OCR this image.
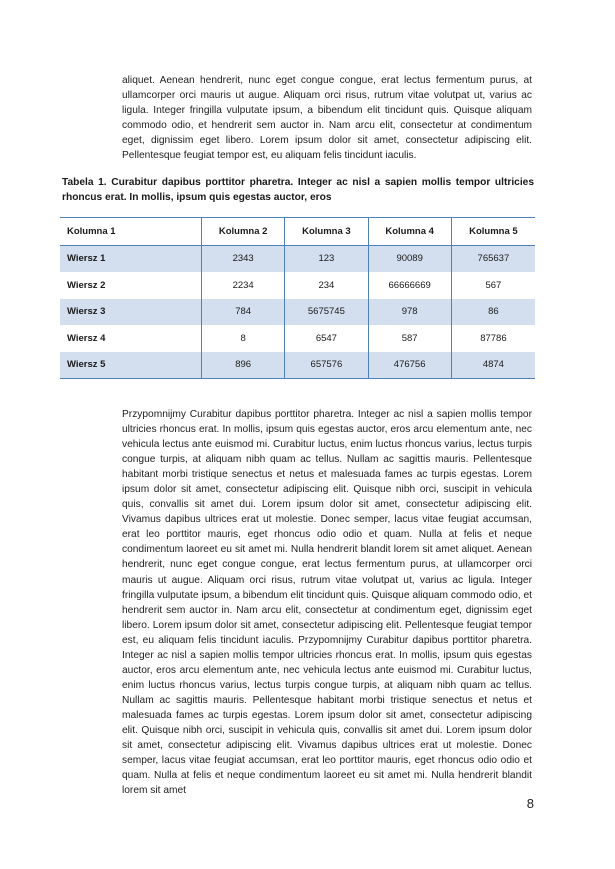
aliquet. Aenean hendrerit, nunc eget congue congue, erat lectus fermentum purus, at ullamcorper orci mauris ut augue. Aliquam orci risus, rutrum vitae volutpat ut, varius ac ligula. Integer fringilla vulputate ipsum, a bibendum elit tincidunt quis. Quisque aliquam commodo odio, et hendrerit sem auctor in. Nam arcu elit, consectetur at condimentum eget, dignissim eget libero. Lorem ipsum dolor sit amet, consectetur adipiscing elit. Pellentesque feugiat tempor est, eu aliquam felis tincidunt iaculis.

Tabela 1. Curabitur dapibus porttitor pharetra. Integer ac nisl a sapien mollis tempor ultricies rhoncus erat. In mollis, ipsum quis egestas auctor, eros

Kolumna 1	Kolumna 2	Kolumna 3	Kolumna 4	Kolumna 5
Wiersz 1	2343	123	90089	765637
Wiersz 2	2234	234	66666669	567
Wiersz 3	784	5675745	978	86
Wiersz 4	8	6547	587	87786
Wiersz 5	896	657576	476756	4874

Przypomnijmy Curabitur dapibus porttitor pharetra. Integer ac nisl a sapien mollis tempor ultricies rhoncus erat. In mollis, ipsum quis egestas auctor, eros arcu elementum ante, nec vehicula lectus ante euismod mi. Curabitur luctus, enim luctus rhoncus varius, lectus turpis congue turpis, at aliquam nibh quam ac tellus. Nullam ac sagittis mauris. Pellentesque habitant morbi tristique senectus et netus et malesuada fames ac turpis egestas. Lorem ipsum dolor sit amet, consectetur adipiscing elit. Quisque nibh orci, suscipit in vehicula quis, convallis sit amet dui. Lorem ipsum dolor sit amet, consectetur adipiscing elit. Vivamus dapibus ultrices erat ut molestie. Donec semper, lacus vitae feugiat accumsan, erat leo porttitor mauris, eget rhoncus odio odio et quam. Nulla at felis et neque condimentum laoreet eu sit amet mi. Nulla hendrerit blandit lorem sit amet aliquet. Aenean hendrerit, nunc eget congue congue, erat lectus fermentum purus, at ullamcorper orci mauris ut augue. Aliquam orci risus, rutrum vitae volutpat ut, varius ac ligula. Integer fringilla vulputate ipsum, a bibendum elit tincidunt quis. Quisque aliquam commodo odio, et hendrerit sem auctor in. Nam arcu elit, consectetur at condimentum eget, dignissim eget libero. Lorem ipsum dolor sit amet, consectetur adipiscing elit. Pellentesque feugiat tempor est, eu aliquam felis tincidunt iaculis. Przypomnijmy Curabitur dapibus porttitor pharetra. Integer ac nisl a sapien mollis tempor ultricies rhoncus erat. In mollis, ipsum quis egestas auctor, eros arcu elementum ante, nec vehicula lectus ante euismod mi. Curabitur luctus, enim luctus rhoncus varius, lectus turpis congue turpis, at aliquam nibh quam ac tellus. Nullam ac sagittis mauris. Pellentesque habitant morbi tristique senectus et netus et malesuada fames ac turpis egestas. Lorem ipsum dolor sit amet, consectetur adipiscing elit. Quisque nibh orci, suscipit in vehicula quis, convallis sit amet dui. Lorem ipsum dolor sit amet, consectetur adipiscing elit. Vivamus dapibus ultrices erat ut molestie. Donec semper, lacus vitae feugiat accumsan, erat leo porttitor mauris, eget rhoncus odio odio et quam. Nulla at felis et neque condimentum laoreet eu sit amet mi. Nulla hendrerit blandit lorem sit amet

8
